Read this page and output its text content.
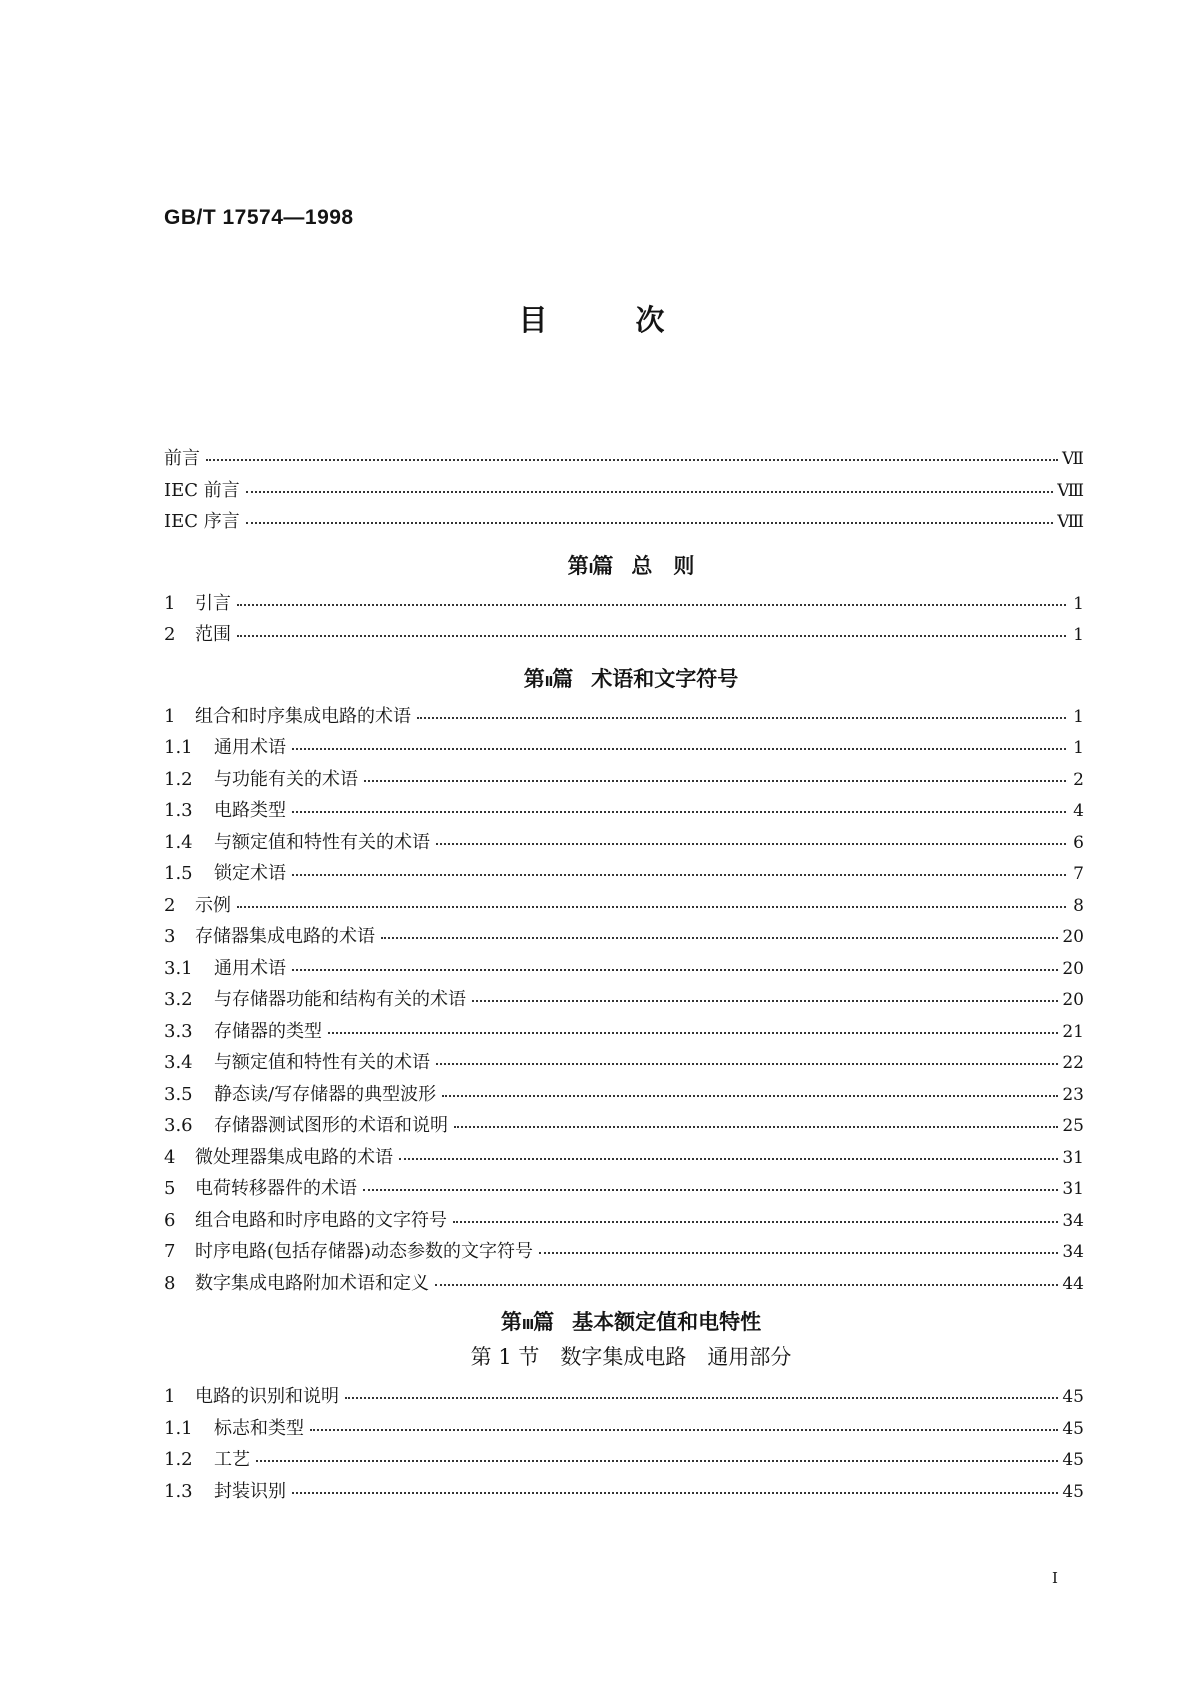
GB/T 17574—1998
目次
前言	Ⅶ
IEC 前言	Ⅷ
IEC 序言	Ⅷ
第I篇 总　则
1	引言	1
2	范围	1
第Ⅱ篇 术语和文字符号
1	组合和时序集成电路的术语	1
1.1	通用术语	1
1.2	与功能有关的术语	2
1.3	电路类型	4
1.4	与额定值和特性有关的术语	6
1.5	锁定术语	7
2	示例	8
3	存储器集成电路的术语	20
3.1	通用术语	20
3.2	与存储器功能和结构有关的术语	20
3.3	存储器的类型	21
3.4	与额定值和特性有关的术语	22
3.5	静态读/写存储器的典型波形	23
3.6	存储器测试图形的术语和说明	25
4	微处理器集成电路的术语	31
5	电荷转移器件的术语	31
6	组合电路和时序电路的文字符号	34
7	时序电路(包括存储器)动态参数的文字符号	34
8	数字集成电路附加术语和定义	44
第Ⅲ篇 基本额定值和电特性
第 1 节　数字集成电路　通用部分
1	电路的识别和说明	45
1.1	标志和类型	45
1.2	工艺	45
1.3	封装识别	45
I
